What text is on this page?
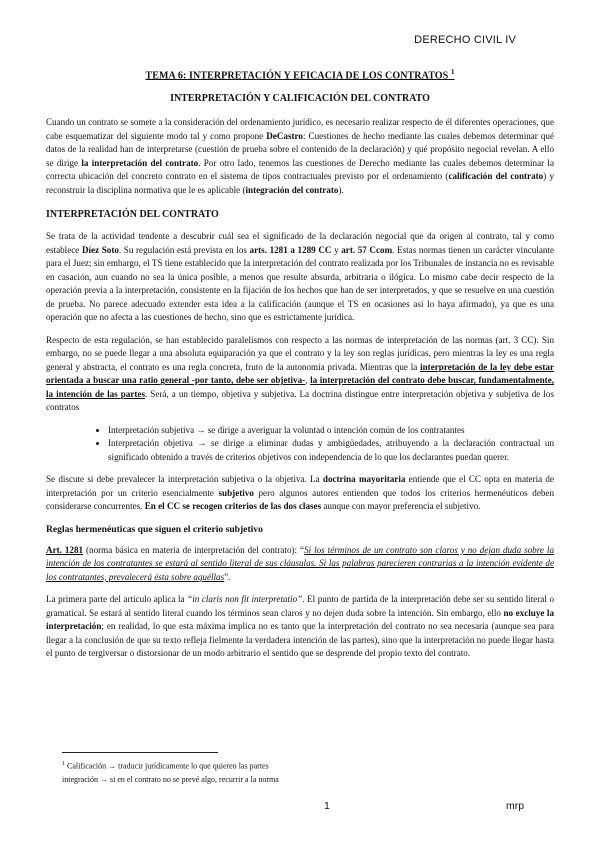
DERECHO CIVIL IV
TEMA 6: INTERPRETACIÓN Y EFICACIA DE LOS CONTRATOS $^1$
INTERPRETACIÓN Y CALIFICACIÓN DEL CONTRATO

Cuando un contrato se somete a la consideración del ordenamiento jurídico, es necesario realizar respecto de él diferentes operaciones, que cabe esquematizar del siguiente modo tal y como propone DeCastro: Cuestiones de hecho mediante las cuales debemos determinar qué datos de la realidad han de interpretarse (cuestión de prueba sobre el contenido de la declaración) y qué propósito negocial revelan. A ello se dirige la interpretación del contrato. Por otro lado, tenemos las cuestiones de Derecho mediante las cuales debemos determinar la correcta ubicación del concreto contrato en el sistema de tipos contractuales previsto por el ordenamiento (calificación del contrato) y reconstruir la disciplina normativa que le es aplicable (integración del contrato).

INTERPRETACIÓN DEL CONTRATO

Se trata de la actividad tendente a descubrir cuál sea el significado de la declaración negocial que da origen al contrato, tal y como establece Díez Soto. Su regulación está prevista en los arts. 1281 a 1289 CC y art. 57 Ccom. Estas normas tienen un carácter vinculante para el Juez; sin embargo, el TS tiene establecido que la interpretación del contrato realizada por los Tribunales de instancia no es revisable en casación, aun cuando no sea la única posible, a menos que resulte absurda, arbitraria o ilógica. Lo mismo cabe decir respecto de la operación previa a la interpretación, consistente en la fijación de los hechos que han de ser interpretados, y que se resuelve en una cuestión de prueba. No parece adecuado extender esta idea a la calificación (aunque el TS en ocasiones así lo haya afirmado), ya que es una operación que no afecta a las cuestiones de hecho, sino que es estrictamente jurídica.

Respecto de esta regulación, se han establecido paralelismos con respecto a las normas de interpretación de las normas (art. 3 CC). Sin embargo, no se puede llegar a una absoluta equiparación ya que el contrato y la ley son reglas jurídicas, pero mientras la ley es una regla general y abstracta, el contrato es una regla concreta, fruto de la autonomía privada. Mientras que la interpretación de la ley debe estar orientada a buscar una ratio general -por tanto, debe ser objetiva-, la interpretación del contrato debe buscar, fundamentalmente, la intención de las partes. Será, a un tiempo, objetiva y subjetiva. La doctrina distingue entre interpretación objetiva y subjetiva de los contratos

• Interpretación subjetiva → se dirige a averiguar la voluntad o intención común de los contratantes
• Interpretación objetiva → se dirige a eliminar dudas y ambigüedades, atribuyendo a la declaración contractual un significado obtenido a través de criterios objetivos con independencia de lo que los declarantes puedan querer.

Se discute si debe prevalecer la interpretación subjetiva o la objetiva. La doctrina mayoritaria entiende que el CC opta en materia de interpretación por un criterio esencialmente subjetivo pero algunos autores entienden que todos los criterios hermenéuticos deben considerarse concurrentes. En el CC se recogen criterios de las dos clases aunque con mayor preferencia el subjetivo.

Reglas hermenéuticas que siguen el criterio subjetivo

Art. 1281 (norma básica en materia de interpretación del contrato): “Si los términos de un contrato son claros y no dejan duda sobre la intención de los contratantes se estará al sentido literal de sus cláusulas. Si las palabras parecieren contrarias a la intención evidente de los contratantes, prevalecerá ésta sobre aquéllas”.

La primera parte del artículo aplica la “in claris non fit interpretatio”. El punto de partida de la interpretación debe ser su sentido literal o gramatical. Se estará al sentido literal cuando los términos sean claros y no dejen duda sobre la intención. Sin embargo, ello no excluye la interpretación; en realidad, lo que esta máxima implica no es tanto que la interpretación del contrato no sea necesaria (aunque sea para llegar a la conclusión de que su texto refleja fielmente la verdadera intención de las partes), sino que la interpretación no puede llegar hasta el punto de tergiversar o distorsionar de un modo arbitrario el sentido que se desprende del propio texto del contrato.

$^1$ Calificación → traducir jurídicamente lo que quieren las partes
integración → si en el contrato no se prevé algo, recurrir a la norma
1	mrp
